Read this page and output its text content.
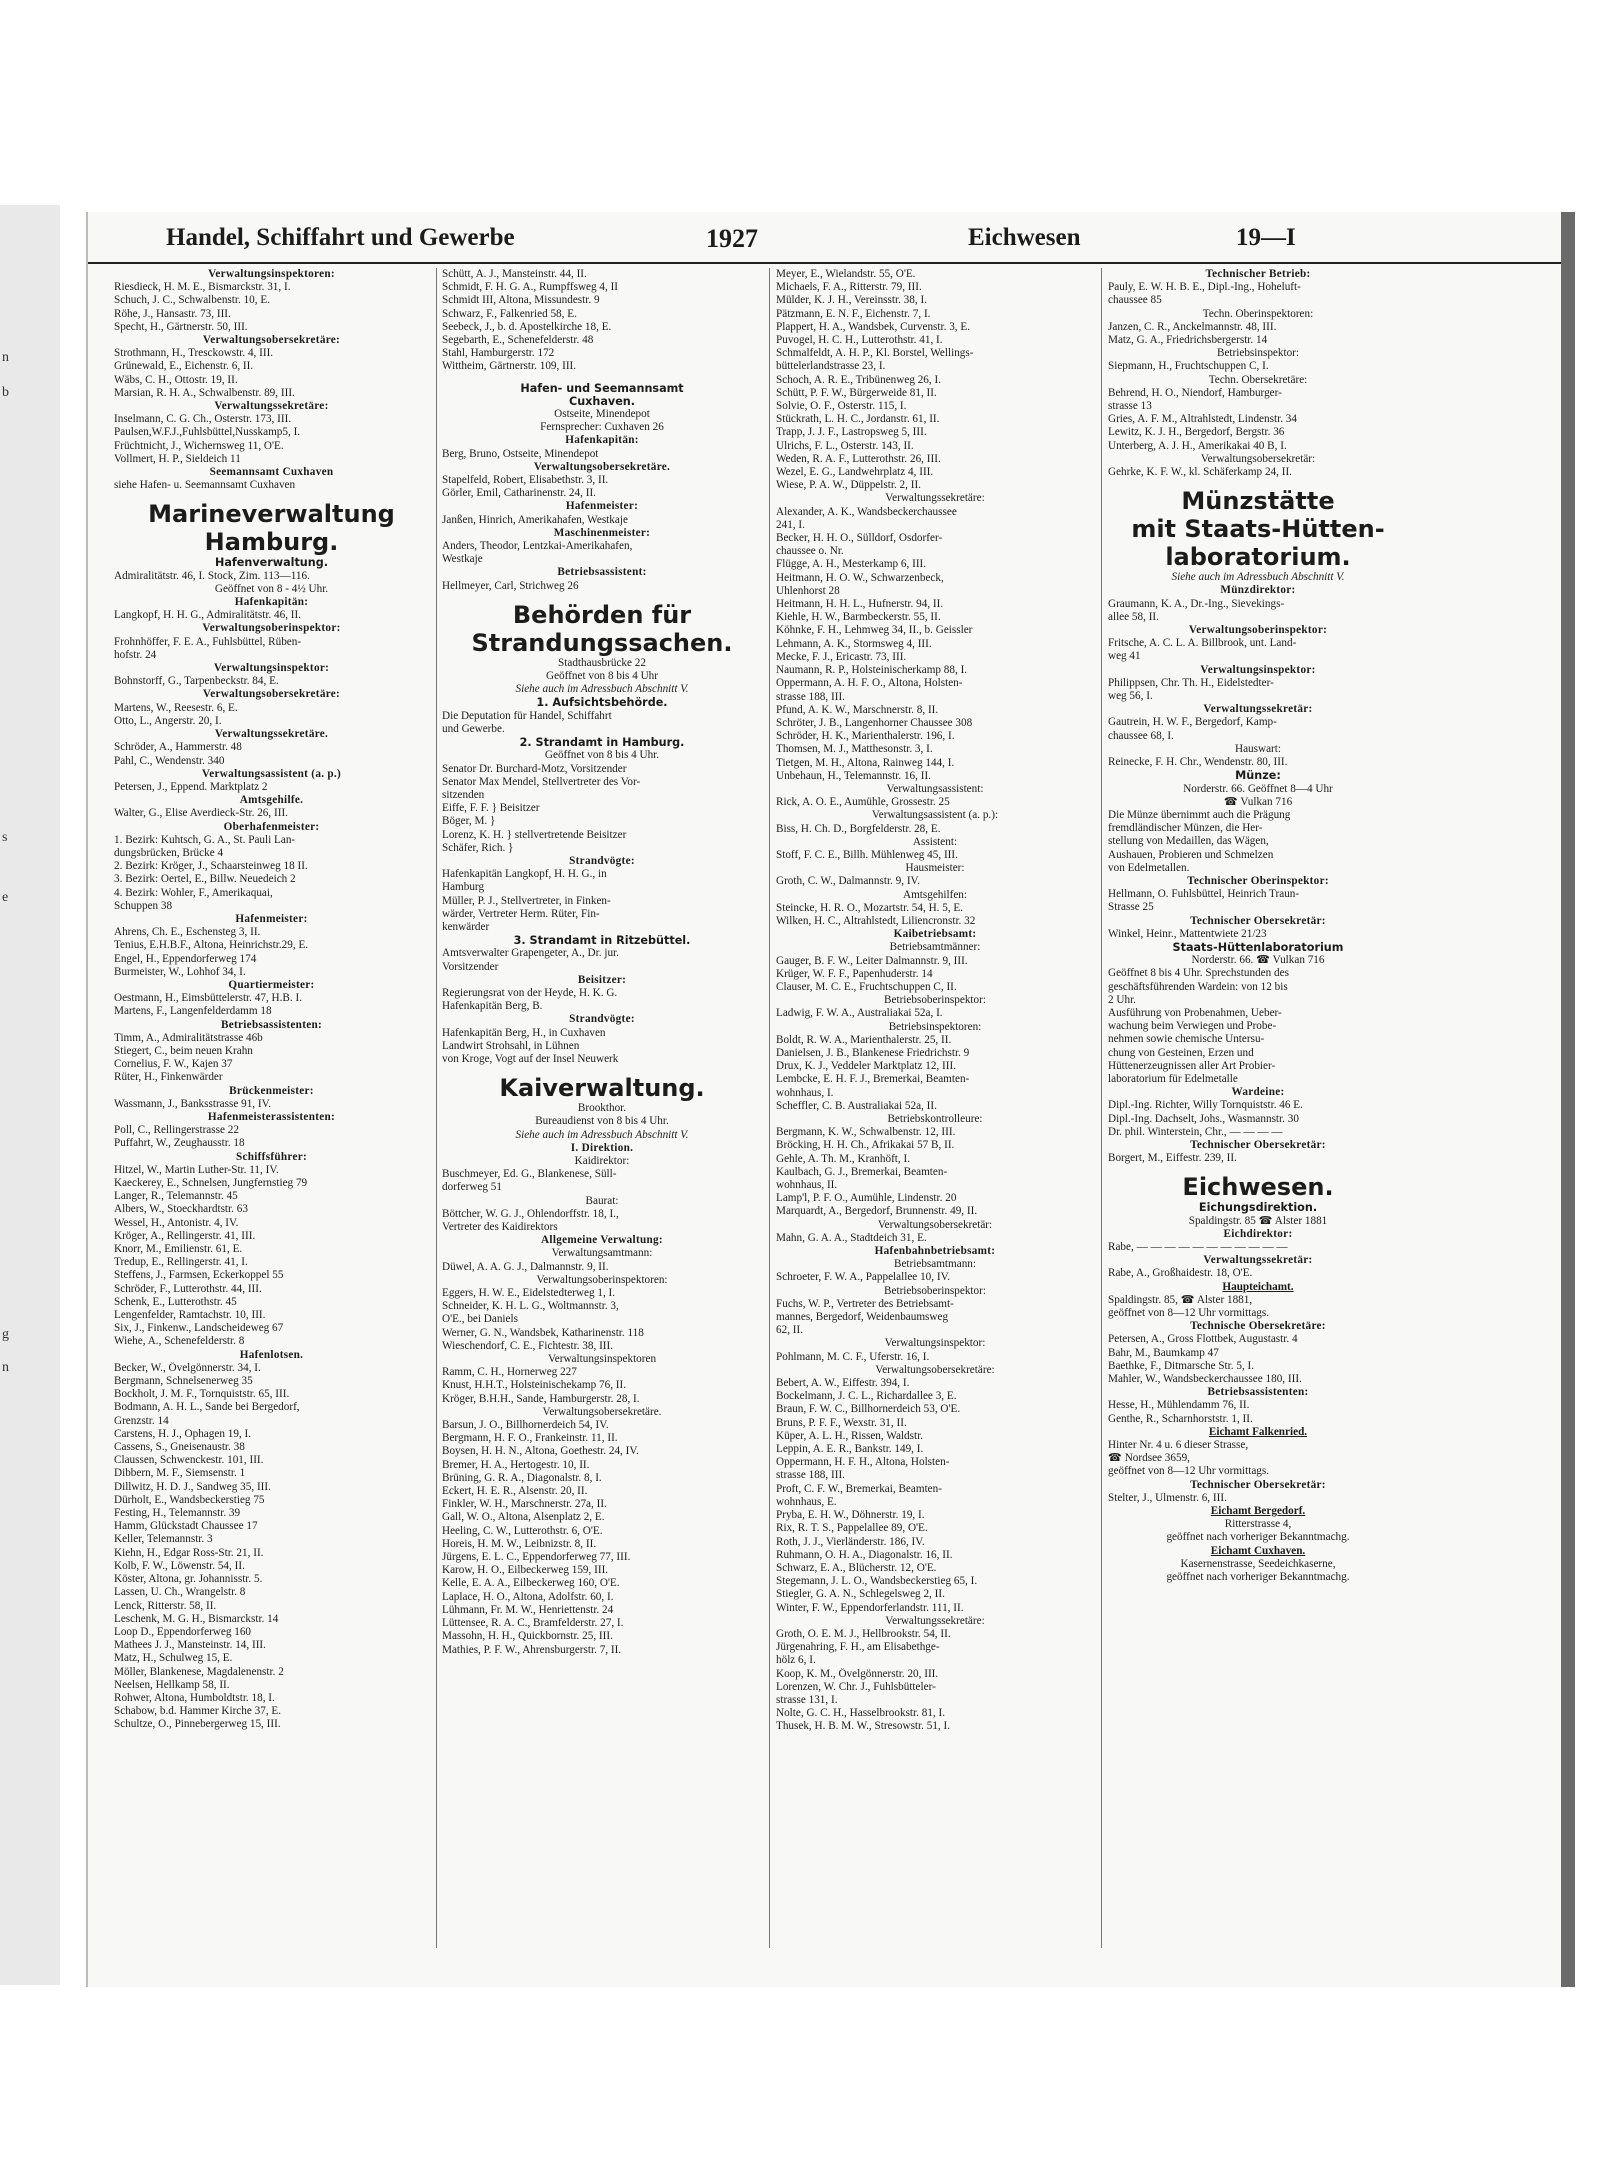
n
b
s
e
g
n
Handel, Schiffahrt und Gewerbe	1927	Eichwesen	19—I
Verwaltungsinspektoren:
Riesdieck, H. M. E., Bismarckstr. 31, I.
Schuch, J. C., Schwalbenstr. 10, E.
Röhe, J., Hansastr. 73, III.
Specht, H., Gärtnerstr. 50, III.
Verwaltungsobersekretäre:
Strothmann, H., Tresckowstr. 4, III.
Grünewald, E., Eichenstr. 6, II.
Wäbs, C. H., Ottostr. 19, II.
Marsian, R. H. A., Schwalbenstr. 89, III.
Verwaltungssekretäre:
Inselmann, C. G. Ch., Osterstr. 173, III.
Paulsen,W.F.J.,Fuhlsbüttel,Nusskamp5, I.
Früchtnicht, J., Wichernsweg 11, O'E.
Vollmert, H. P., Sieldeich 11
Seemannsamt Cuxhaven
siehe Hafen- u. Seemannsamt Cuxhaven
Marineverwaltung
Hamburg.
Hafenverwaltung.
Admiralitätstr. 46, I. Stock, Zim. 113—116.
Geöffnet von 8 - 4½ Uhr.
Hafenkapitän:
Langkopf, H. H. G., Admiralitätstr. 46, II.
Verwaltungsoberinspektor:
Frohnhöffer, F. E. A., Fuhlsbüttel, Rüben-
hofstr. 24
Verwaltungsinspektor:
Bohnstorff, G., Tarpenbeckstr. 84, E.
Verwaltungsobersekretäre:
Martens, W., Reesestr. 6, E.
Otto, L., Angerstr. 20, I.
Verwaltungssekretäre.
Schröder, A., Hammerstr. 48
Pahl, C., Wendenstr. 340
Verwaltungsassistent (a. p.)
Petersen, J., Eppend. Marktplatz 2
Amtsgehilfe.
Walter, G., Elise Averdieck-Str. 26, III.
Oberhafenmeister:
1. Bezirk: Kuhtsch, G. A., St. Pauli Lan-
dungsbrücken, Brücke 4
2. Bezirk: Kröger, J., Schaarsteinweg 18 II.
3. Bezirk: Oertel, E., Billw. Neuedeich 2
4. Bezirk: Wohler, F., Amerikaquai,
Schuppen 38
Hafenmeister:
Ahrens, Ch. E., Eschensteg 3, II.
Tenius, E.H.B.F., Altona, Heinrichstr.29, E.
Engel, H., Eppendorferweg 174
Burmeister, W., Lohhof 34, I.
Quartiermeister:
Oestmann, H., Eimsbüttelerstr. 47, H.B. I.
Martens, F., Langenfelderdamm 18
Betriebsassistenten:
Timm, A., Admiralitätstrasse 46b
Stiegert, C., beim neuen Krahn
Cornelius, F. W., Kajen 37
Rüter, H., Finkenwärder
Brückenmeister:
Wassmann, J., Banksstrasse 91, IV.
Hafenmeisterassistenten:
Poll, C., Rellingerstrasse 22
Puffahrt, W., Zeughausstr. 18
Schiffsführer:
Hitzel, W., Martin Luther-Str. 11, IV.
Kaeckerey, E., Schnelsen, Jungfernstieg 79
Langer, R., Telemannstr. 45
Albers, W., Stoeckhardtstr. 63
Wessel, H., Antonistr. 4, IV.
Kröger, A., Rellingerstr. 41, III.
Knorr, M., Emilienstr. 61, E.
Tredup, E., Rellingerstr. 41, I.
Steffens, J., Farmsen, Eckerkoppel 55
Schröder, F., Lutterothstr. 44, III.
Schenk, E., Lutterothstr. 45
Lengenfelder, Ramtachstr. 10, III.
Six, J., Finkenw., Landscheideweg 67
Wiehe, A., Schenefelderstr. 8
Hafenlotsen.
Becker, W., Övelgönnerstr. 34, I.
Bergmann, Schnelsenerweg 35
Bockholt, J. M. F., Tornquiststr. 65, III.
Bodmann, A. H. L., Sande bei Bergedorf,
Grenzstr. 14
Carstens, H. J., Ophagen 19, I.
Cassens, S., Gneisenaustr. 38
Claussen, Schwenckestr. 101, III.
Dibbern, M. F., Siemsenstr. 1
Dillwitz, H. D. J., Sandweg 35, III.
Dürholt, E., Wandsbeckerstieg 75
Festing, H., Telemannstr. 39
Hamm, Glückstadt Chaussee 17
Keller, Telemannstr. 3
Kiehn, H., Edgar Ross-Str. 21, II.
Kolb, F. W., Löwenstr. 54, II.
Köster, Altona, gr. Johannisstr. 5.
Lassen, U. Ch., Wrangelstr. 8
Lenck, Ritterstr. 58, II.
Leschenk, M. G. H., Bismarckstr. 14
Loop D., Eppendorferweg 160
Mathees J. J., Mansteinstr. 14, III.
Matz, H., Schulweg 15, E.
Möller, Blankenese, Magdalenenstr. 2
Neelsen, Hellkamp 58, II.
Rohwer, Altona, Humboldtstr. 18, I.
Schabow, b.d. Hammer Kirche 37, E.
Schultze, O., Pinnebergerweg 15, III.
Schütt, A. J., Mansteinstr. 44, II.
Schmidt, F. H. G. A., Rumpffsweg 4, II
Schmidt III, Altona, Missundestr. 9
Schwarz, F., Falkenried 58, E.
Seebeck, J., b. d. Apostelkirche 18, E.
Segebarth, E., Schenefelderstr. 48
Stahl, Hamburgerstr. 172
Wittheim, Gärtnerstr. 109, III.
Hafen- und Seemannsamt
Cuxhaven.
Ostseite, Minendepot
Fernsprecher: Cuxhaven 26
Hafenkapitän:
Berg, Bruno, Ostseite, Minendepot
Verwaltungsobersekretäre.
Stapelfeld, Robert, Elisabethstr. 3, II.
Görler, Emil, Catharinenstr. 24, II.
Hafenmeister:
Janßen, Hinrich, Amerikahafen, Westkaje
Maschinenmeister:
Anders, Theodor, Lentzkai-Amerikahafen,
Westkaje
Betriebsassistent:
Hellmeyer, Carl, Strichweg 26
Behörden für
Strandungssachen.
Stadthausbrücke 22
Geöffnet von 8 bis 4 Uhr
Siehe auch im Adressbuch Abschnitt V.
1. Aufsichtsbehörde.
Die Deputation für Handel, Schiffahrt
und Gewerbe.
2. Strandamt in Hamburg.
Geöffnet von 8 bis 4 Uhr.
Senator Dr. Burchard-Motz, Vorsitzender
Senator Max Mendel, Stellvertreter des Vor-
sitzenden
Eiffe, F. F. } Beisitzer
Böger, M. }
Lorenz, K. H. } stellvertretende Beisitzer
Schäfer, Rich. }
Strandvögte:
Hafenkapitän Langkopf, H. H. G., in
Hamburg
Müller, P. J., Stellvertreter, in Finken-
wärder, Vertreter Herm. Rüter, Fin-
kenwärder
3. Strandamt in Ritzebüttel.
Amtsverwalter Grapengeter, A., Dr. jur.
Vorsitzender
Beisitzer:
Regierungsrat von der Heyde, H. K. G.
Hafenkapitän Berg, B.
Strandvögte:
Hafenkapitän Berg, H., in Cuxhaven
Landwirt Strohsahl, in Lühnen
von Kroge, Vogt auf der Insel Neuwerk
Kaiverwaltung.
Brookthor.
Bureaudienst von 8 bis 4 Uhr.
Siehe auch im Adressbuch Abschnitt V.
I. Direktion.
Kaidirektor:
Buschmeyer, Ed. G., Blankenese, Süll-
dorferweg 51
Baurat:
Böttcher, W. G. J., Ohlendorffstr. 18, I.,
Vertreter des Kaidirektors
Allgemeine Verwaltung:
Verwaltungsamtmann:
Düwel, A. A. G. J., Dalmannstr. 9, II.
Verwaltungsoberinspektoren:
Eggers, H. W. E., Eidelstedterweg 1, I.
Schneider, K. H. L. G., Woltmannstr. 3,
O'E., bei Daniels
Werner, G. N., Wandsbek, Katharinenstr. 118
Wieschendorf, C. E., Fichtestr. 38, III.
Verwaltungsinspektoren
Ramm, C. H., Hornerweg 227
Knust, H.H.T., Holsteinischekamp 76, II.
Kröger, B.H.H., Sande, Hamburgerstr. 28, I.
Verwaltungsobersekretäre.
Barsun, J. O., Billhornerdeich 54, IV.
Bergmann, H. F. O., Frankeinstr. 11, II.
Boysen, H. H. N., Altona, Goethestr. 24, IV.
Bremer, H. A., Hertogestr. 10, II.
Brüning, G. R. A., Diagonalstr. 8, I.
Eckert, H. E. R., Alsenstr. 20, II.
Finkler, W. H., Marschnerstr. 27a, II.
Gall, W. O., Altona, Alsenplatz 2, E.
Heeling, C. W., Lutterothstr. 6, O'E.
Horeis, H. M. W., Leibnizstr. 8, II.
Jürgens, E. L. C., Eppendorferweg 77, III.
Karow, H. O., Eilbeckerweg 159, III.
Kelle, E. A. A., Eilbeckerweg 160, O'E.
Laplace, H. O., Altona, Adolfstr. 60, I.
Lühmann, Fr. M. W., Henriettenstr. 24
Lüttensee, R. A. C., Bramfelderstr. 27, I.
Massohn, H. H., Quickbornstr. 25, III.
Mathies, P. F. W., Ahrensburgerstr. 7, II.
Meyer, E., Wielandstr. 55, O'E.
Michaels, F. A., Ritterstr. 79, III.
Mülder, K. J. H., Vereinsstr. 38, I.
Pätzmann, E. N. F., Eichenstr. 7, I.
Plappert, H. A., Wandsbek, Curvenstr. 3, E.
Puvogel, H. C. H., Lutterothstr. 41, I.
Schmalfeldt, A. H. P., Kl. Borstel, Wellings-
büttelerlandstrasse 23, I.
Schoch, A. R. E., Tribünenweg 26, I.
Schütt, P. F. W., Bürgerweide 81, II.
Solvie, O. F., Osterstr. 115, I.
Stückrath, L. H. C., Jordanstr. 61, II.
Trapp, J. J. F., Lastropsweg 5, III.
Ulrichs, F. L., Osterstr. 143, II.
Weden, R. A. F., Lutterothstr. 26, III.
Wezel, E. G., Landwehrplatz 4, III.
Wiese, P. A. W., Düppelstr. 2, II.
Verwaltungssekretäre:
Alexander, A. K., Wandsbeckerchaussee
241, I.
Becker, H. H. O., Sülldorf, Osdorfer-
chaussee o. Nr.
Flügge, A. H., Mesterkamp 6, III.
Heitmann, H. O. W., Schwarzenbeck,
Uhlenhorst 28
Heitmann, H. H. L., Hufnerstr. 94, II.
Kiehle, H. W., Barmbeckerstr. 55, II.
Köhnke, F. H., Lehmweg 34, II., b. Geissler
Lehmann, A. K., Stormsweg 4, III.
Mecke, F. J., Ericastr. 73, III.
Naumann, R. P., Holsteinischerkamp 88, I.
Oppermann, A. H. F. O., Altona, Holsten-
strasse 188, III.
Pfund, A. K. W., Marschnerstr. 8, II.
Schröter, J. B., Langenhorner Chaussee 308
Schröder, H. K., Marienthalerstr. 196, I.
Thomsen, M. J., Matthesonstr. 3, I.
Tietgen, M. H., Altona, Rainweg 144, I.
Unbehaun, H., Telemannstr. 16, II.
Verwaltungsassistent:
Rick, A. O. E., Aumühle, Grossestr. 25
Verwaltungsassistent (a. p.):
Biss, H. Ch. D., Borgfelderstr. 28, E.
Assistent:
Stoff, F. C. E., Billh. Mühlenweg 45, III.
Hausmeister:
Groth, C. W., Dalmannstr. 9, IV.
Amtsgehilfen:
Steincke, H. R. O., Mozartstr. 54, H. 5, E.
Wilken, H. C., Altrahlstedt, Liliencronstr. 32
Kaibetriebsamt:
Betriebsamtmänner:
Gauger, B. F. W., Leiter Dalmannstr. 9, III.
Krüger, W. F. F., Papenhuderstr. 14
Clauser, M. C. E., Fruchtschuppen C, II.
Betriebsoberinspektor:
Ladwig, F. W. A., Australiakai 52a, I.
Betriebsinspektoren:
Boldt, R. W. A., Marienthalerstr. 25, II.
Danielsen, J. B., Blankenese Friedrichstr. 9
Drux, K. J., Veddeler Marktplatz 12, III.
Lembcke, E. H. F. J., Bremerkai, Beamten-
wohnhaus, I.
Scheffler, C. B. Australiakai 52a, II.
Betriebskontrolleure:
Bergmann, K. W., Schwalbenstr. 12, III.
Bröcking, H. H. Ch., Afrikakai 57 B, II.
Gehle, A. Th. M., Kranhöft, I.
Kaulbach, G. J., Bremerkai, Beamten-
wohnhaus, II.
Lamp'l, P. F. O., Aumühle, Lindenstr. 20
Marquardt, A., Bergedorf, Brunnenstr. 49, II.
Verwaltungsobersekretär:
Mahn, G. A. A., Stadtdeich 31, E.
Hafenbahnbetriebsamt:
Betriebsamtmann:
Schroeter, F. W. A., Pappelallee 10, IV.
Betriebsoberinspektor:
Fuchs, W. P., Vertreter des Betriebsamt-
mannes, Bergedorf, Weidenbaumsweg
62, II.
Verwaltungsinspektor:
Pohlmann, M. C. F., Uferstr. 16, I.
Verwaltungsobersekretäre:
Bebert, A. W., Eiffestr. 394, I.
Bockelmann, J. C. L., Richardallee 3, E.
Braun, F. W. C., Billhornerdeich 53, O'E.
Bruns, P. F. F., Wexstr. 31, II.
Küper, A. L. H., Rissen, Waldstr.
Leppin, A. E. R., Bankstr. 149, I.
Oppermann, H. F. H., Altona, Holsten-
strasse 188, III.
Proft, C. F. W., Bremerkai, Beamten-
wohnhaus, E.
Pryba, E. H. W., Döhnerstr. 19, I.
Rix, R. T. S., Pappelallee 89, O'E.
Roth, J. J., Vierländerstr. 186, IV.
Ruhmann, O. H. A., Diagonalstr. 16, II.
Schwarz, E. A., Blücherstr. 12, O'E.
Stegemann, J. L. O., Wandsbeckerstieg 65, I.
Stiegler, G. A. N., Schlegelsweg 2, II.
Winter, F. W., Eppendorferlandstr. 111, II.
Verwaltungssekretäre:
Groth, O. E. M. J., Hellbrookstr. 54, II.
Jürgenahring, F. H., am Elisabethge-
hölz 6, I.
Koop, K. M., Övelgönnerstr. 20, III.
Lorenzen, W. Chr. J., Fuhlsbütteler-
strasse 131, I.
Nolte, G. C. H., Hasselbrookstr. 81, I.
Thusek, H. B. M. W., Stresowstr. 51, I.
Technischer Betrieb:
Pauly, E. W. H. B. E., Dipl.-Ing., Hoheluft-
chaussee 85
Techn. Oberinspektoren:
Janzen, C. R., Anckelmannstr. 48, III.
Matz, G. A., Friedrichsbergerstr. 14
Betriebsinspektor:
Siepmann, H., Fruchtschuppen C, I.
Techn. Obersekretäre:
Behrend, H. O., Niendorf, Hamburger-
strasse 13
Gries, A. F. M., Altrahlstedt, Lindenstr. 34
Lewitz, K. J. H., Bergedorf, Bergstr. 36
Unterberg, A. J. H., Amerikakai 40 B, I.
Verwaltungsobersekretär:
Gehrke, K. F. W., kl. Schäferkamp 24, II.
Münzstätte
mit Staats-Hütten-
laboratorium.
Siehe auch im Adressbuch Abschnitt V.
Münzdirektor:
Graumann, K. A., Dr.-Ing., Sievekings-
allee 58, II.
Verwaltungsoberinspektor:
Fritsche, A. C. L. A. Billbrook, unt. Land-
weg 41
Verwaltungsinspektor:
Philippsen, Chr. Th. H., Eidelstedter-
weg 56, I.
Verwaltungssekretär:
Gautrein, H. W. F., Bergedorf, Kamp-
chaussee 68, I.
Hauswart:
Reinecke, F. H. Chr., Wendenstr. 80, III.
Münze:
Norderstr. 66. Geöffnet 8—4 Uhr
☎ Vulkan 716
Die Münze übernimmt auch die Prägung
fremdländischer Münzen, die Her-
stellung von Medaillen, das Wägen,
Aushauen, Probieren und Schmelzen
von Edelmetallen.
Technischer Oberinspektor:
Hellmann, O. Fuhlsbüttel, Heinrich Traun-
Strasse 25
Technischer Obersekretär:
Winkel, Heinr., Mattentwiete 21/23
Staats-Hüttenlaboratorium
Norderstr. 66. ☎ Vulkan 716
Geöffnet 8 bis 4 Uhr. Sprechstunden des
geschäftsführenden Wardein: von 12 bis
2 Uhr.
Ausführung von Probenahmen, Ueber-
wachung beim Verwiegen und Probe-
nehmen sowie chemische Untersu-
chung von Gesteinen, Erzen und
Hüttenerzeugnissen aller Art Probier-
laboratorium für Edelmetalle
Wardeine:
Dipl.-Ing. Richter, Willy Tornquiststr. 46 E.
Dipl.-Ing. Dachselt, Johs., Wasmannstr. 30
Dr. phil. Winterstein, Chr., — — — —
Technischer Obersekretär:
Borgert, M., Eiffestr. 239, II.
Eichwesen.
Eichungsdirektion.
Spaldingstr. 85 ☎ Alster 1881
Eichdirektor:
Rabe, — — — — — — — — — — —
Verwaltungssekretär:
Rabe, A., Großhaidestr. 18, O'E.
Haupteichamt.
Spaldingstr. 85, ☎ Alster 1881,
geöffnet von 8—12 Uhr vormittags.
Technische Obersekretäre:
Petersen, A., Gross Flottbek, Augustastr. 4
Bahr, M., Baumkamp 47
Baethke, F., Ditmarsche Str. 5, I.
Mahler, W., Wandsbeckerchaussee 180, III.
Betriebsassistenten:
Hesse, H., Mühlendamm 76, II.
Genthe, R., Scharnhorststr. 1, II.
Eichamt Falkenried.
Hinter Nr. 4 u. 6 dieser Strasse,
☎ Nordsee 3659,
geöffnet von 8—12 Uhr vormittags.
Technischer Obersekretär:
Stelter, J., Ulmenstr. 6, III.
Eichamt Bergedorf.
Ritterstrasse 4,
geöffnet nach vorheriger Bekanntmachg.
Eichamt Cuxhaven.
Kasernenstrasse, Seedeichkaserne,
geöffnet nach vorheriger Bekanntmachg.
